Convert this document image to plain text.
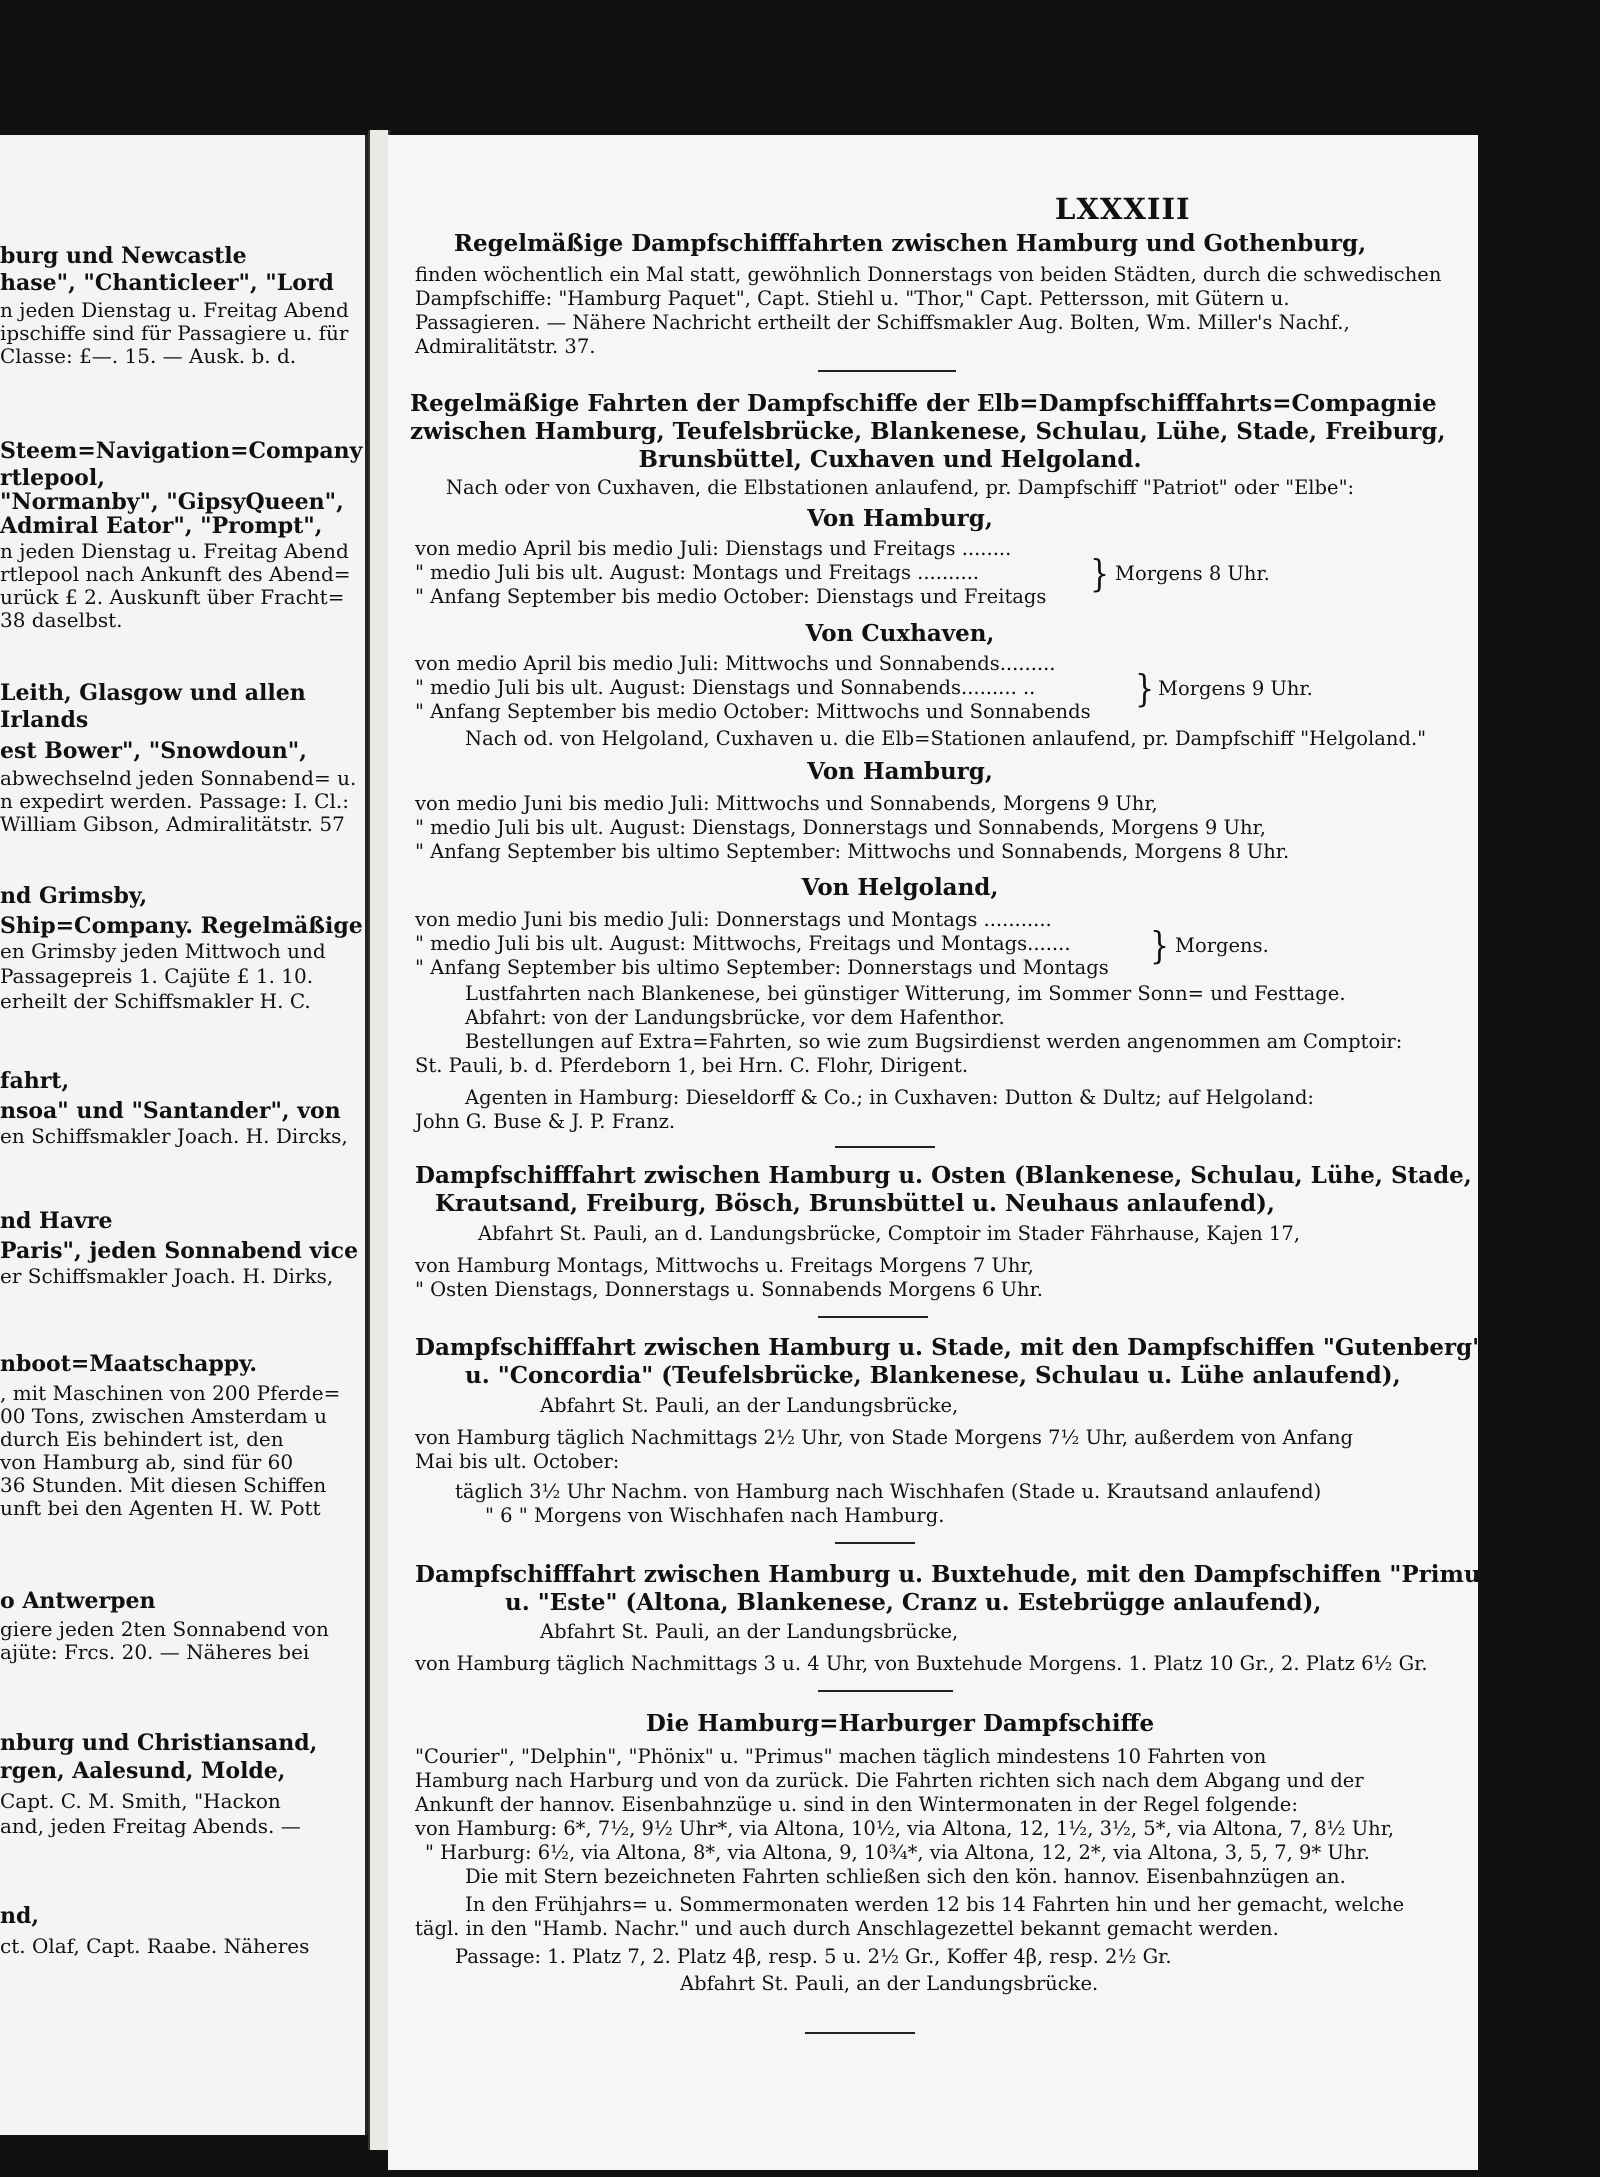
burg und Newcastle
hase", "Chanticleer", "Lord
n jeden Dienstag u. Freitag Abend
ipschiffe sind für Passagiere u. für
Classe: £—. 15. — Ausk. b. d.
Steem=Navigation=Company
rtlepool,
"Normanby", "GipsyQueen",
Admiral Eator", "Prompt",
n jeden Dienstag u. Freitag Abend
rtlepool nach Ankunft des Abend=
urück £ 2. Auskunft über Fracht=
38 daselbst.
Leith, Glasgow und allen
Irlands
est Bower", "Snowdoun",
abwechselnd jeden Sonnabend= u.
n expedirt werden. Passage: I. Cl.:
William Gibson, Admiralitätstr. 57
nd Grimsby,
Ship=Company. Regelmäßige
en Grimsby jeden Mittwoch und
Passagepreis 1. Cajüte £ 1. 10.
erheilt der Schiffsmakler H. C.
fahrt,
nsoa" und "Santander", von
en Schiffsmakler Joach. H. Dircks,
nd Havre
Paris", jeden Sonnabend vice
er Schiffsmakler Joach. H. Dirks,
nboot=Maatschappy.
, mit Maschinen von 200 Pferde=
00 Tons, zwischen Amsterdam u
durch Eis behindert ist, den
von Hamburg ab, sind für 60
36 Stunden. Mit diesen Schiffen
unft bei den Agenten H. W. Pott
o Antwerpen
giere jeden 2ten Sonnabend von
ajüte: Frcs. 20. — Näheres bei
nburg und Christiansand,
rgen, Aalesund, Molde,
Capt. C. M. Smith, "Hackon
and, jeden Freitag Abends. —
nd,
ct. Olaf, Capt. Raabe. Näheres
LXXXIII
Regelmäßige Dampfschifffahrten zwischen Hamburg und Gothenburg,
finden wöchentlich ein Mal statt, gewöhnlich Donnerstags von beiden Städten, durch die schwedischen
Dampfschiffe: "Hamburg Paquet", Capt. Stiehl u. "Thor," Capt. Pettersson, mit Gütern u.
Passagieren. — Nähere Nachricht ertheilt der Schiffsmakler Aug. Bolten, Wm. Miller's Nachf.,
Admiralitätstr. 37.
Regelmäßige Fahrten der Dampfschiffe der Elb=Dampfschifffahrts=Compagnie
zwischen Hamburg, Teufelsbrücke, Blankenese, Schulau, Lühe, Stade, Freiburg,
Brunsbüttel, Cuxhaven und Helgoland.
Nach oder von Cuxhaven, die Elbstationen anlaufend, pr. Dampfschiff "Patriot" oder "Elbe":
Von Hamburg,
von medio April bis medio Juli: Dienstags und Freitags ........
" medio Juli bis ult. August: Montags und Freitags ..........
" Anfang September bis medio October: Dienstags und Freitags
} Morgens 8 Uhr.
Von Cuxhaven,
von medio April bis medio Juli: Mittwochs und Sonnabends.........
" medio Juli bis ult. August: Dienstags und Sonnabends......... ..
" Anfang September bis medio October: Mittwochs und Sonnabends
} Morgens 9 Uhr.
Nach od. von Helgoland, Cuxhaven u. die Elb=Stationen anlaufend, pr. Dampfschiff "Helgoland."
Von Hamburg,
von medio Juni bis medio Juli: Mittwochs und Sonnabends, Morgens 9 Uhr,
" medio Juli bis ult. August: Dienstags, Donnerstags und Sonnabends, Morgens 9 Uhr,
" Anfang September bis ultimo September: Mittwochs und Sonnabends, Morgens 8 Uhr.
Von Helgoland,
von medio Juni bis medio Juli: Donnerstags und Montags ...........
" medio Juli bis ult. August: Mittwochs, Freitags und Montags.......
" Anfang September bis ultimo September: Donnerstags und Montags } Morgens.
Lustfahrten nach Blankenese, bei günstiger Witterung, im Sommer Sonn= und Festtage.
Abfahrt: von der Landungsbrücke, vor dem Hafenthor.
Bestellungen auf Extra=Fahrten, so wie zum Bugsirdienst werden angenommen am Comptoir:
St. Pauli, b. d. Pferdeborn 1, bei Hrn. C. Flohr, Dirigent.
Agenten in Hamburg: Dieseldorff & Co.; in Cuxhaven: Dutton & Dultz; auf Helgoland:
John G. Buse & J. P. Franz.
Dampfschifffahrt zwischen Hamburg u. Osten (Blankenese, Schulau, Lühe, Stade,
Krautsand, Freiburg, Bösch, Brunsbüttel u. Neuhaus anlaufend),
Abfahrt St. Pauli, an d. Landungsbrücke, Comptoir im Stader Fährhause, Kajen 17,
von Hamburg Montags, Mittwochs u. Freitags Morgens 7 Uhr,
" Osten Dienstags, Donnerstags u. Sonnabends Morgens 6 Uhr.
Dampfschifffahrt zwischen Hamburg u. Stade, mit den Dampfschiffen "Gutenberg"
u. "Concordia" (Teufelsbrücke, Blankenese, Schulau u. Lühe anlaufend),
Abfahrt St. Pauli, an der Landungsbrücke,
von Hamburg täglich Nachmittags 2½ Uhr, von Stade Morgens 7½ Uhr, außerdem von Anfang
Mai bis ult. October:
täglich 3½ Uhr Nachm. von Hamburg nach Wischhafen (Stade u. Krautsand anlaufend)
" 6 " Morgens von Wischhafen nach Hamburg.
Dampfschifffahrt zwischen Hamburg u. Buxtehude, mit den Dampfschiffen "Primus"
u. "Este" (Altona, Blankenese, Cranz u. Estebrügge anlaufend),
Abfahrt St. Pauli, an der Landungsbrücke,
von Hamburg täglich Nachmittags 3 u. 4 Uhr, von Buxtehude Morgens. 1. Platz 10 Gr., 2. Platz 6½ Gr.
Die Hamburg=Harburger Dampfschiffe
"Courier", "Delphin", "Phönix" u. "Primus" machen täglich mindestens 10 Fahrten von
Hamburg nach Harburg und von da zurück. Die Fahrten richten sich nach dem Abgang und der
Ankunft der hannov. Eisenbahnzüge u. sind in den Wintermonaten in der Regel folgende:
von Hamburg: 6*, 7½, 9½ Uhr*, via Altona, 10½, via Altona, 12, 1½, 3½, 5*, via Altona, 7, 8½ Uhr,
" Harburg: 6½, via Altona, 8*, via Altona, 9, 10¾*, via Altona, 12, 2*, via Altona, 3, 5, 7, 9* Uhr.
Die mit Stern bezeichneten Fahrten schließen sich den kön. hannov. Eisenbahnzügen an.
In den Frühjahrs= u. Sommermonaten werden 12 bis 14 Fahrten hin und her gemacht, welche
tägl. in den "Hamb. Nachr." und auch durch Anschlagezettel bekannt gemacht werden.
Passage: 1. Platz 7, 2. Platz 4β, resp. 5 u. 2½ Gr., Koffer 4β, resp. 2½ Gr.
Abfahrt St. Pauli, an der Landungsbrücke.
